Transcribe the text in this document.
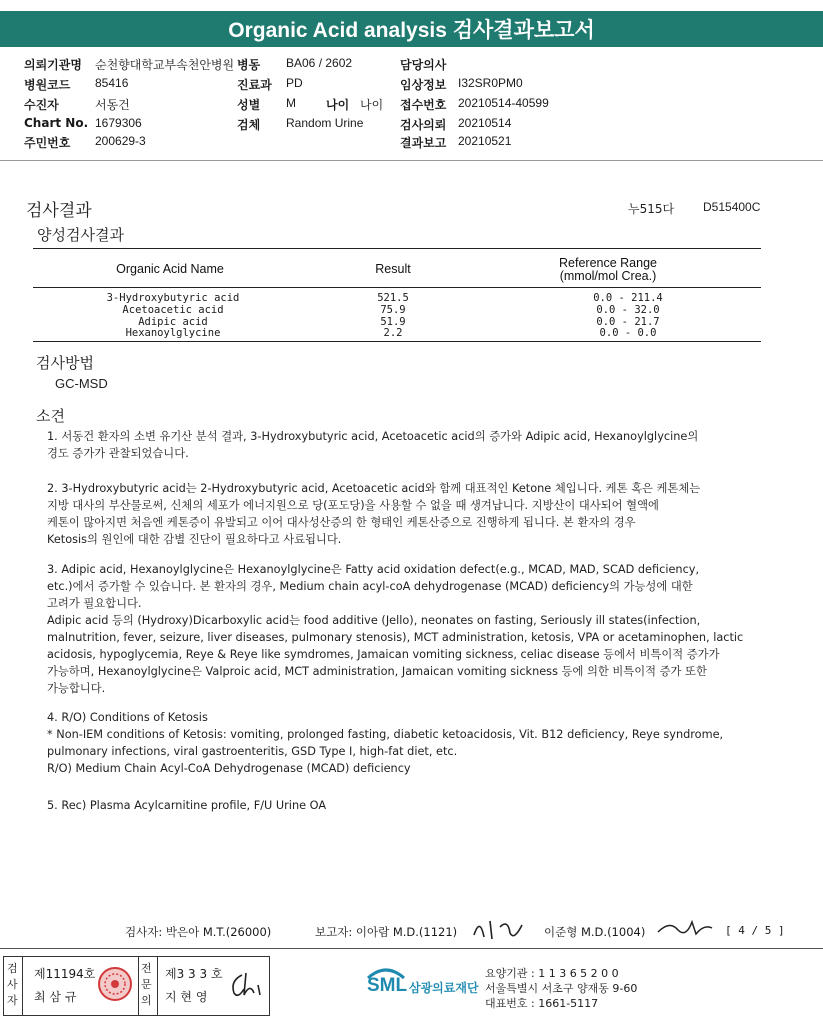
Organic Acid analysis 검사결과보고서
의뢰기관명 순천향대학교부속천안병원
병원코드 85416
수진자	서동건
Chart No. 1679306
주민번호 200629-3
병동 BA06 / 2602
진료과 PD
성별 M	나이 나이
검체 Random Urine
담당의사
임상정보 I32SR0PM0
접수번호 20210514-40599
검사의뢰 20210514
결과보고 20210521
검사결과	누515다 D515400C
양성검사결과
Organic Acid Name	Result	Reference Range
(mmol/mol Crea.)
3-Hydroxybutyric acid	521.5	0.0 - 211.4
Acetoacetic acid	75.9	0.0 - 32.0
Adipic acid	51.9	0.0 - 21.7
Hexanoylglycine	2.2	0.0 - 0.0
검사방법
GC-MSD
소견
1. 서동건 환자의 소변 유기산 분석 결과, 3-Hydroxybutyric acid, Acetoacetic acid의 증가와 Adipic acid, Hexanoylglycine의
경도 증가가 관찰되었습니다.
2. 3-Hydroxybutyric acid는 2-Hydroxybutyric acid, Acetoacetic acid와 함께 대표적인 Ketone 체입니다. 케톤 혹은 케톤체는
지방 대사의 부산물로써, 신체의 세포가 에너지원으로 당(포도당)을 사용할 수 없을 때 생겨납니다. 지방산이 대사되어 혈액에
케톤이 많아지면 처음엔 케톤증이 유발되고 이어 대사성산증의 한 형태인 케톤산증으로 진행하게 됩니다. 본 환자의 경우
Ketosis의 원인에 대한 감별 진단이 필요하다고 사료됩니다.
3. Adipic acid, Hexanoylglycine은 Hexanoylglycine은 Fatty acid oxidation defect(e.g., MCAD, MAD, SCAD deficiency,
etc.)에서 증가할 수 있습니다. 본 환자의 경우, Medium chain acyl-coA dehydrogenase (MCAD) deficiency의 가능성에 대한
고려가 필요합니다.
Adipic acid 등의 (Hydroxy)Dicarboxylic acid는 food additive (Jello), neonates on fasting, Seriously ill states(infection,
malnutrition, fever, seizure, liver diseases, pulmonary stenosis), MCT administration, ketosis, VPA or acetaminophen, lactic
acidosis, hypoglycemia, Reye & Reye like symdromes, Jamaican vomiting sickness, celiac disease 등에서 비특이적 증가가
가능하며, Hexanoylglycine은 Valproic acid, MCT administration, Jamaican vomiting sickness 등에 의한 비특이적 증가 또한
가능합니다.
4. R/O) Conditions of Ketosis
* Non-IEM conditions of Ketosis: vomiting, prolonged fasting, diabetic ketoacidosis, Vit. B12 deficiency, Reye syndrome,
pulmonary infections, viral gastroenteritis, GSD Type I, high-fat diet, etc.
R/O) Medium Chain Acyl-CoA Dehydrogenase (MCAD) deficiency
5. Rec) Plasma Acylcarnitine profile, F/U Urine OA
검사자: 박은아 M.T.(26000)	보고자: 이아람 M.D.(1121)	이준형 M.D.(1004)	[ 4 / 5 ]
검사자
제11194호
최 삼 규
전문의
제3 3 3 호
지 현 영
SML 삼광의료재단
요양기관 : 1 1 3 6 5 2 0 0
서울특별시 서초구 양재동 9-60
대표번호 : 1661-5117
